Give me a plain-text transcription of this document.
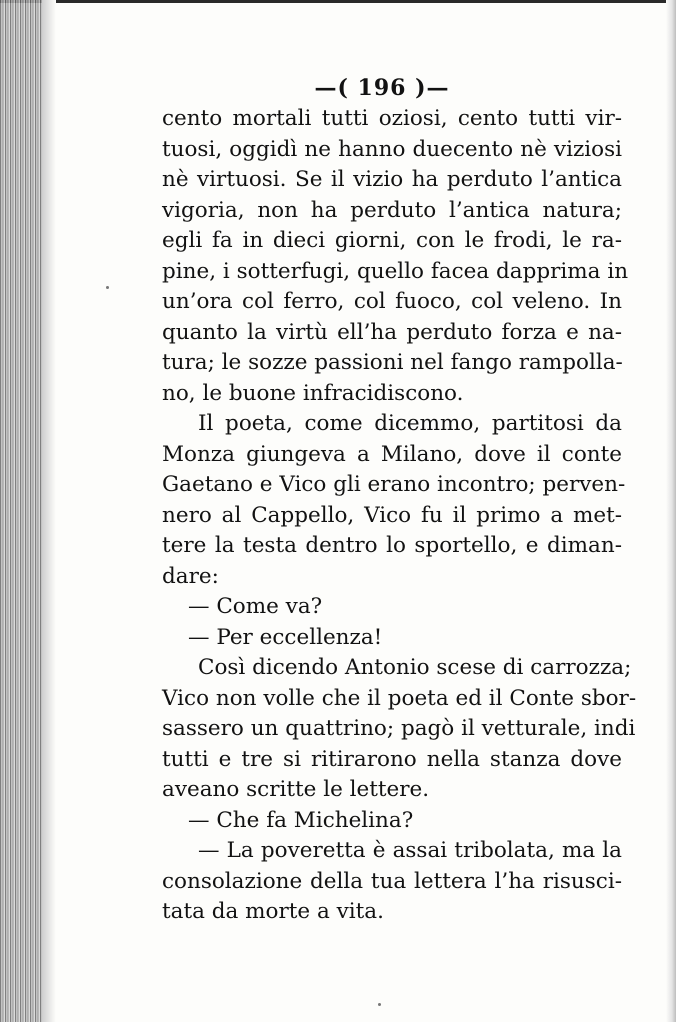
—( 196 )—
cento mortali tutti oziosi, cento tutti vir-
tuosi, oggidì ne hanno duecento nè viziosi
nè virtuosi. Se il vizio ha perduto l’antica
vigoria, non ha perduto l’antica natura;
egli fa in dieci giorni, con le frodi, le ra-
pine, i sotterfugi, quello facea dapprima in
un’ora col ferro, col fuoco, col veleno. In
quanto la virtù ell’ha perduto forza e na-
tura; le sozze passioni nel fango rampolla-
no, le buone infracidiscono.
Il poeta, come dicemmo, partitosi da
Monza giungeva a Milano, dove il conte
Gaetano e Vico gli erano incontro; perven-
nero al Cappello, Vico fu il primo a met-
tere la testa dentro lo sportello, e diman-
dare:
— Come va?
— Per eccellenza!
Così dicendo Antonio scese di carrozza;
Vico non volle che il poeta ed il Conte sbor-
sassero un quattrino; pagò il vetturale, indi
tutti e tre si ritirarono nella stanza dove
aveano scritte le lettere.
— Che fa Michelina?
— La poveretta è assai tribolata, ma la
consolazione della tua lettera l’ha risusci-
tata da morte a vita.
